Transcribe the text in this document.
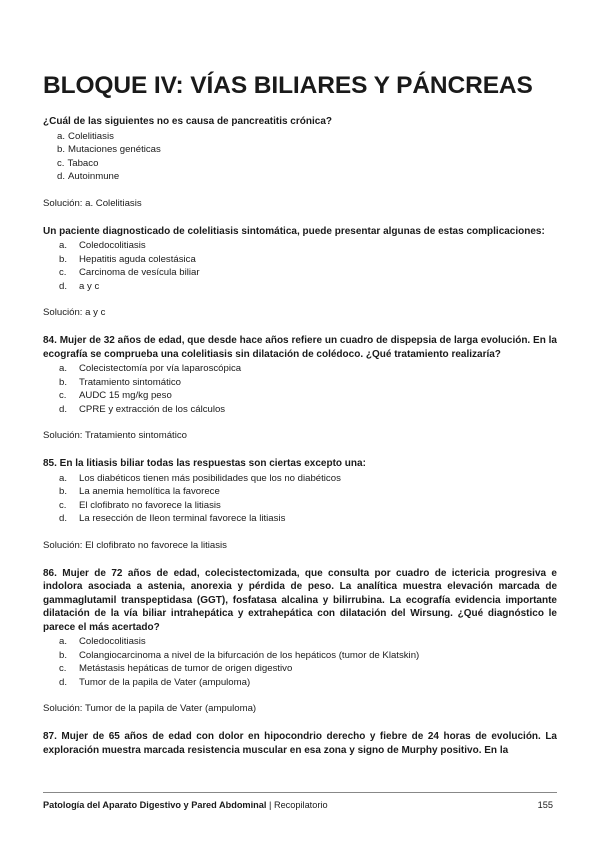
BLOQUE IV: VÍAS BILIARES Y PÁNCREAS

¿Cuál de las siguientes no es causa de pancreatitis crónica?

a. Colelitiasis
b. Mutaciones genéticas
c. Tabaco
d. Autoinmune

Solución: a. Colelitiasis

Un paciente diagnosticado de colelitiasis sintomática, puede presentar algunas de estas complicaciones:

a. Coledocolitiasis
b. Hepatitis aguda colestásica
c. Carcinoma de vesícula biliar
d. a y c

Solución: a y c

84. Mujer de 32 años de edad, que desde hace años refiere un cuadro de dispepsia de larga evolución. En la ecografía se comprueba una colelitiasis sin dilatación de colédoco. ¿Qué tratamiento realizaría?

a. Colecistectomía por vía laparoscópica
b. Tratamiento sintomático
c. AUDC 15 mg/kg peso
d. CPRE y extracción de los cálculos

Solución: Tratamiento sintomático

85. En la litiasis biliar todas las respuestas son ciertas excepto una:

a. Los diabéticos tienen más posibilidades que los no diabéticos
b. La anemia hemolítica la favorece
c. El clofibrato no favorece la litiasis
d. La resección de Ileon terminal favorece la litiasis

Solución: El clofibrato no favorece la litiasis

86. Mujer de 72 años de edad, colecistectomizada, que consulta por cuadro de ictericia progresiva e indolora asociada a astenia, anorexia y pérdida de peso. La analítica muestra elevación marcada de gammaglutamil transpeptidasa (GGT), fosfatasa alcalina y bilirrubina. La ecografía evidencia importante dilatación de la vía biliar intrahepática y extrahepática con dilatación del Wirsung. ¿Qué diagnóstico le parece el más acertado?

a. Coledocolitiasis
b. Colangiocarcinoma a nivel de la bifurcación de los hepáticos (tumor de Klatskin)
c. Metástasis hepáticas de tumor de origen digestivo
d. Tumor de la papila de Vater (ampuloma)

Solución: Tumor de la papila de Vater (ampuloma)

87. Mujer de 65 años de edad con dolor en hipocondrio derecho y fiebre de 24 horas de evolución. La exploración muestra marcada resistencia muscular en esa zona y signo de Murphy positivo. En la

Patología del Aparato Digestivo y Pared Abdominal | Recopilatorio	155
